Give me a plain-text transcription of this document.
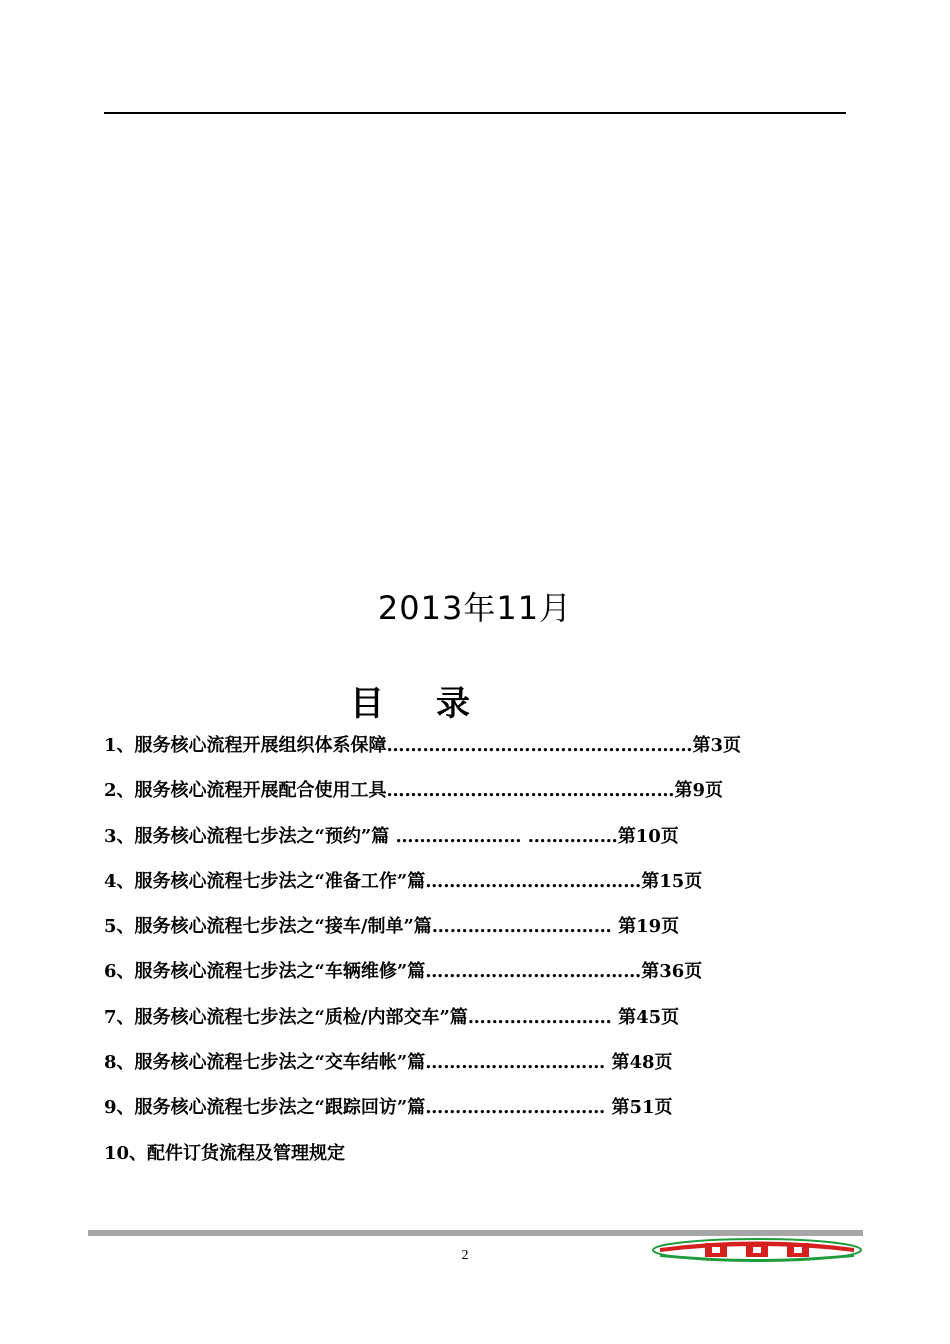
2013年11月
目 录
1、服务核心流程开展组织体系保障……………………………………………第3页
2、服务核心流程开展配合使用工具…………………………………………第9页
3、服务核心流程七步法之“预约”篇 ………………… ……………第10页
4、服务核心流程七步法之“准备工作”篇………………………………第15页
5、服务核心流程七步法之“接车/制单”篇………………………… 第19页
6、服务核心流程七步法之“车辆维修”篇………………………………第36页
7、服务核心流程七步法之“质检/内部交车”篇…………………… 第45页
8、服务核心流程七步法之“交车结帐”篇………………………… 第48页
9、服务核心流程七步法之“跟踪回访”篇………………………… 第51页
10、配件订货流程及管理规定
2
